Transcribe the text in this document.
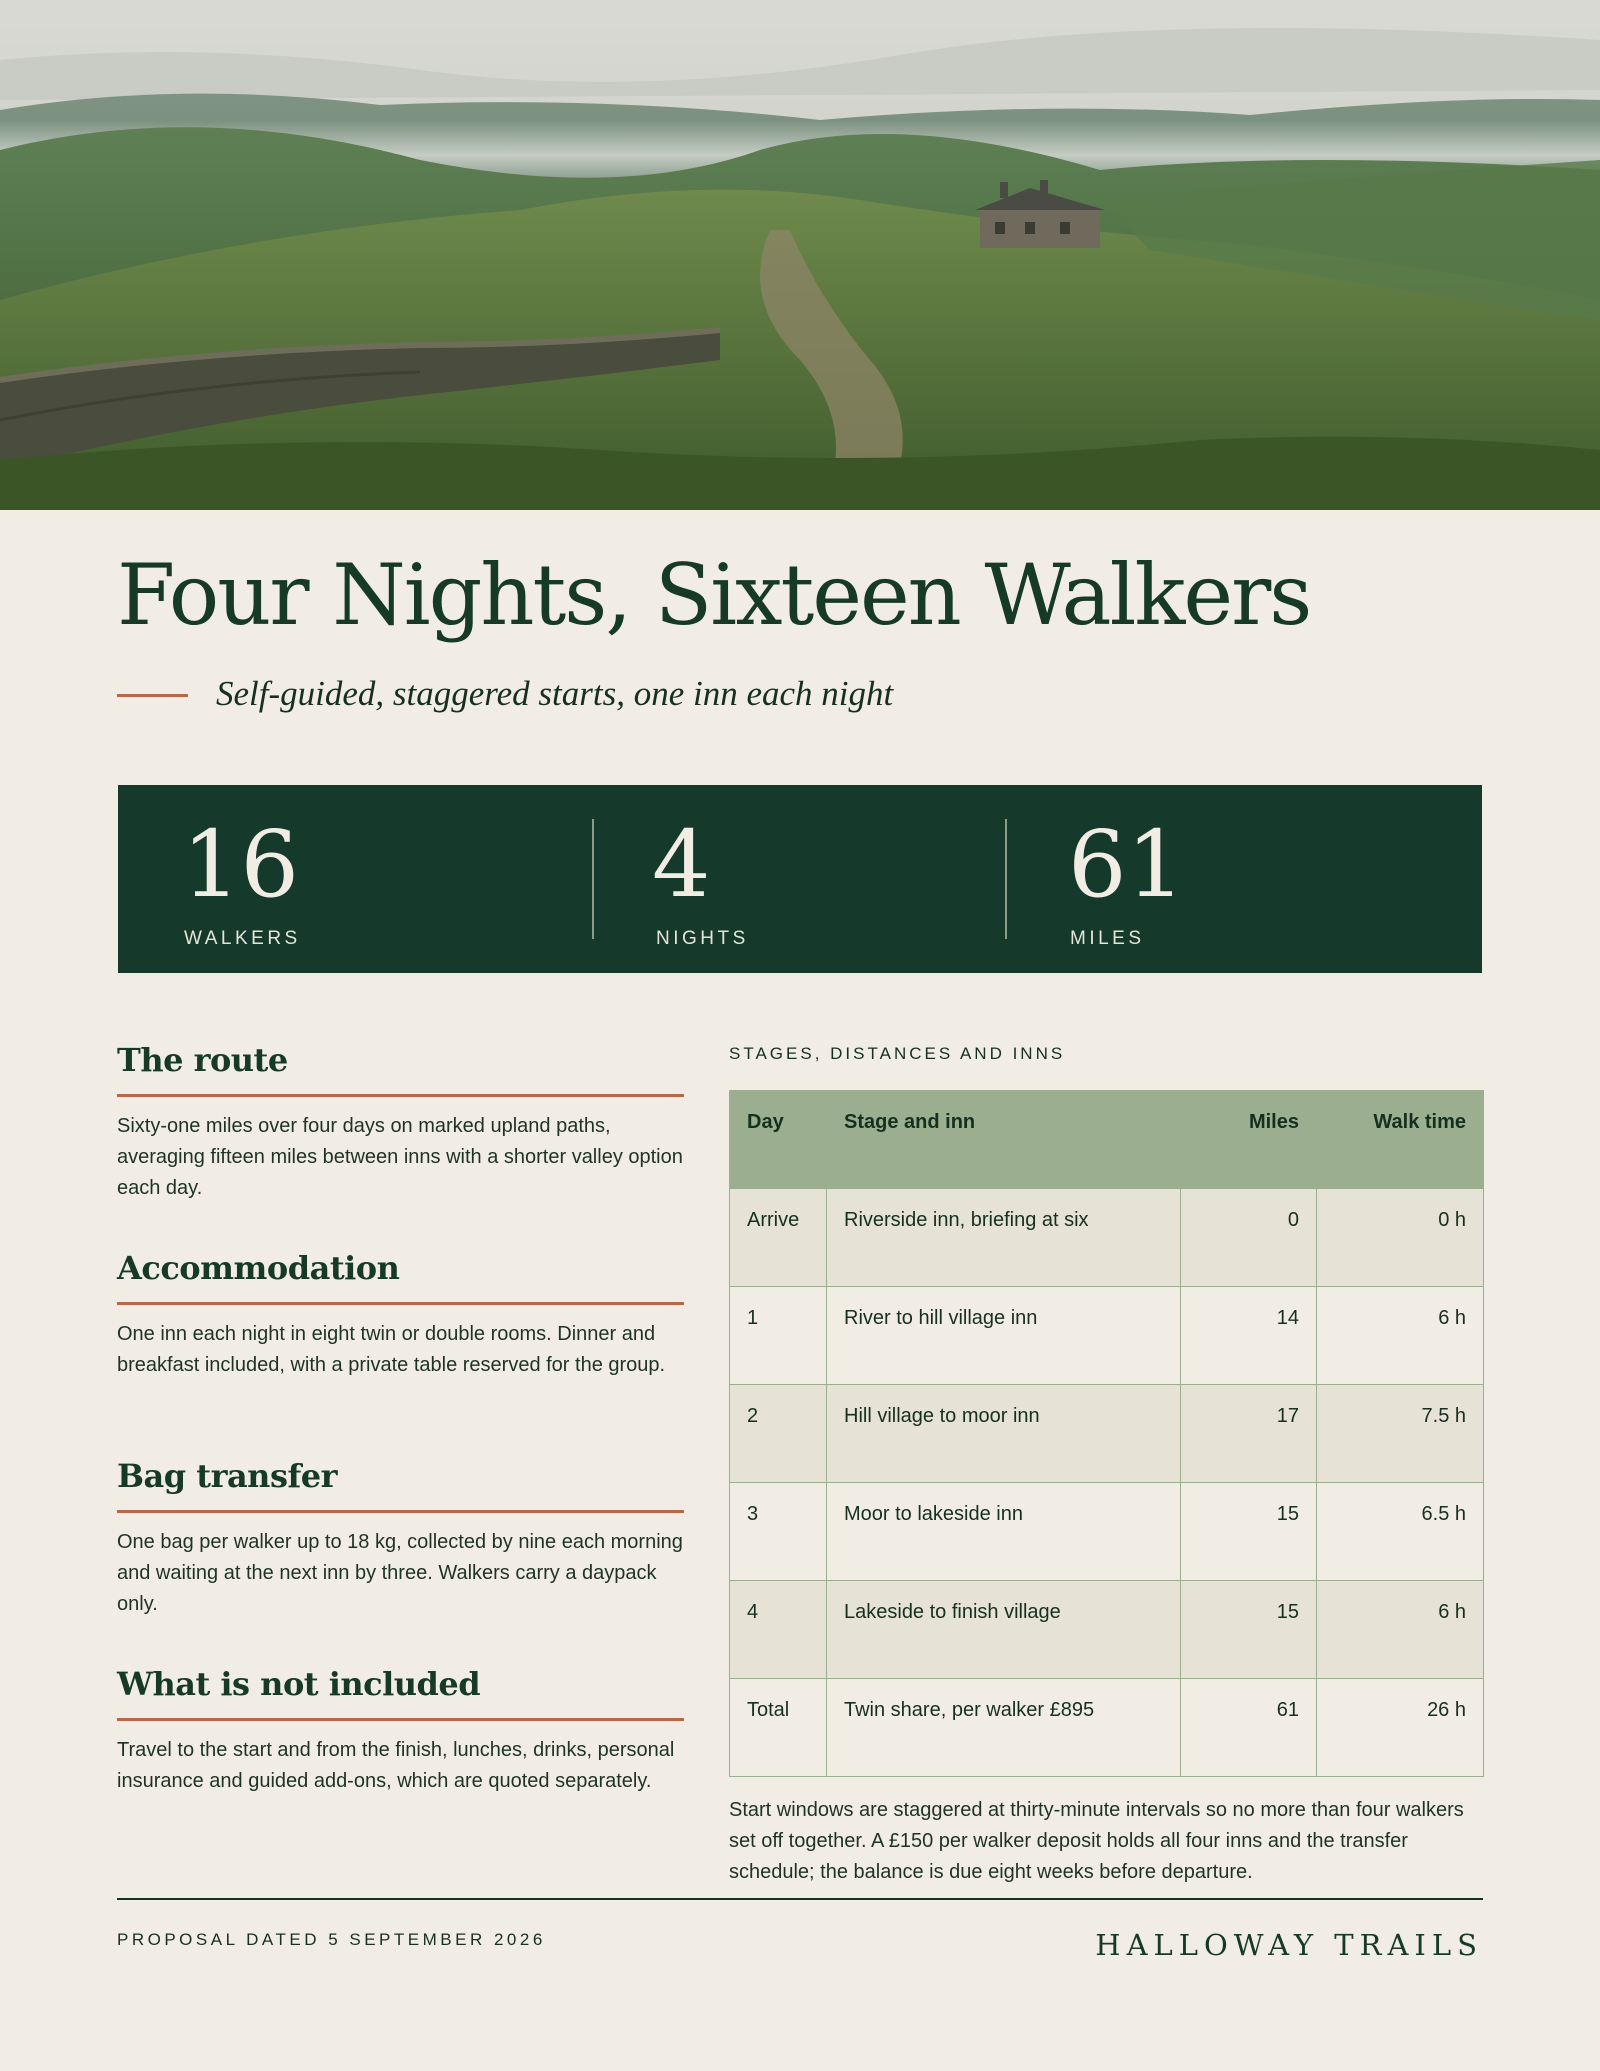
Four Nights, Sixteen Walkers
Self-guided, staggered starts, one inn each night
16
WALKERS
4
NIGHTS
61
MILES
The route

Sixty-one miles over four days on marked upland paths, averaging fifteen miles between inns with a shorter valley option each day.

Accommodation

One inn each night in eight twin or double rooms. Dinner and breakfast included, with a private table reserved for the group.

Bag transfer

One bag per walker up to 18 kg, collected by nine each morning and waiting at the next inn by three. Walkers carry a daypack only.

What is not included

Travel to the start and from the finish, lunches, drinks, personal insurance and guided add-ons, which are quoted separately.

STAGES, DISTANCES AND INNS
Day	Stage and inn	Miles	Walk time
Arrive	Riverside inn, briefing at six	0	0 h
1	River to hill village inn	14	6 h
2	Hill village to moor inn	17	7.5 h
3	Moor to lakeside inn	15	6.5 h
4	Lakeside to finish village	15	6 h
Total	Twin share, per walker £895	61	26 h

Start windows are staggered at thirty-minute intervals so no more than four walkers set off together. A £150 per walker deposit holds all four inns and the transfer schedule; the balance is due eight weeks before departure.

PROPOSAL DATED 5 SEPTEMBER 2026	HALLOWAY TRAILS
